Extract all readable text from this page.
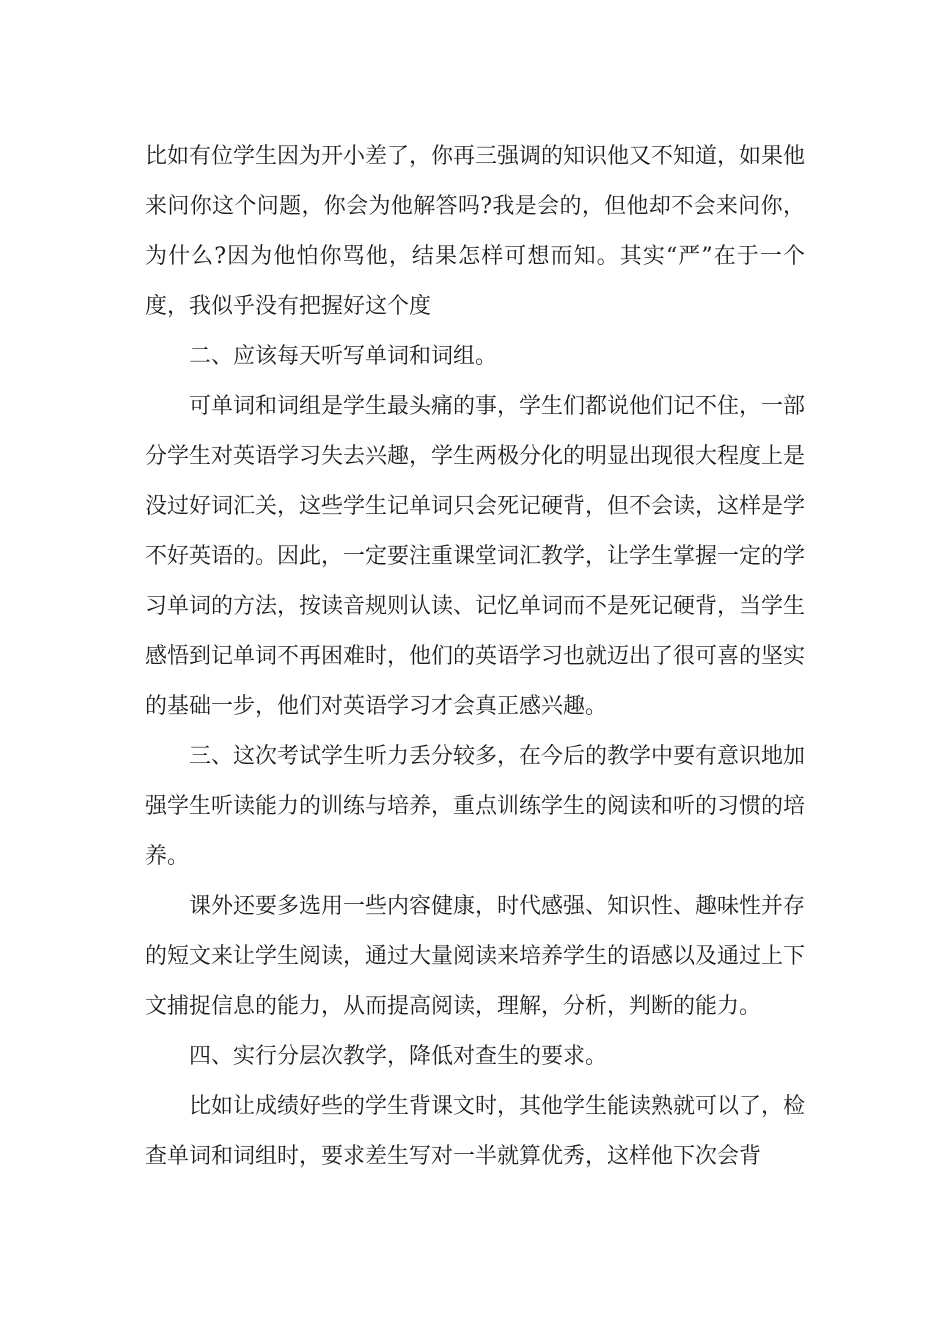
比如有位学生因为开小差了，你再三强调的知识他又不知道，如果他来问你这个问题，你会为他解答吗?我是会的，但他却不会来问你，为什么?因为他怕你骂他，结果怎样可想而知。其实“严”在于一个度，我似乎没有把握好这个度

二、应该每天听写单词和词组。

可单词和词组是学生最头痛的事，学生们都说他们记不住，一部分学生对英语学习失去兴趣，学生两极分化的明显出现很大程度上是没过好词汇关，这些学生记单词只会死记硬背，但不会读，这样是学不好英语的。因此，一定要注重课堂词汇教学，让学生掌握一定的学习单词的方法，按读音规则认读、记忆单词而不是死记硬背，当学生感悟到记单词不再困难时，他们的英语学习也就迈出了很可喜的坚实的基础一步，他们对英语学习才会真正感兴趣。

三、这次考试学生听力丢分较多，在今后的教学中要有意识地加强学生听读能力的训练与培养，重点训练学生的阅读和听的习惯的培养。

课外还要多选用一些内容健康，时代感强、知识性、趣味性并存的短文来让学生阅读，通过大量阅读来培养学生的语感以及通过上下文捕捉信息的能力，从而提高阅读，理解，分析，判断的能力。

四、实行分层次教学，降低对查生的要求。

比如让成绩好些的学生背课文时，其他学生能读熟就可以了，检查单词和词组时，要求差生写对一半就算优秀，这样他下次会背
